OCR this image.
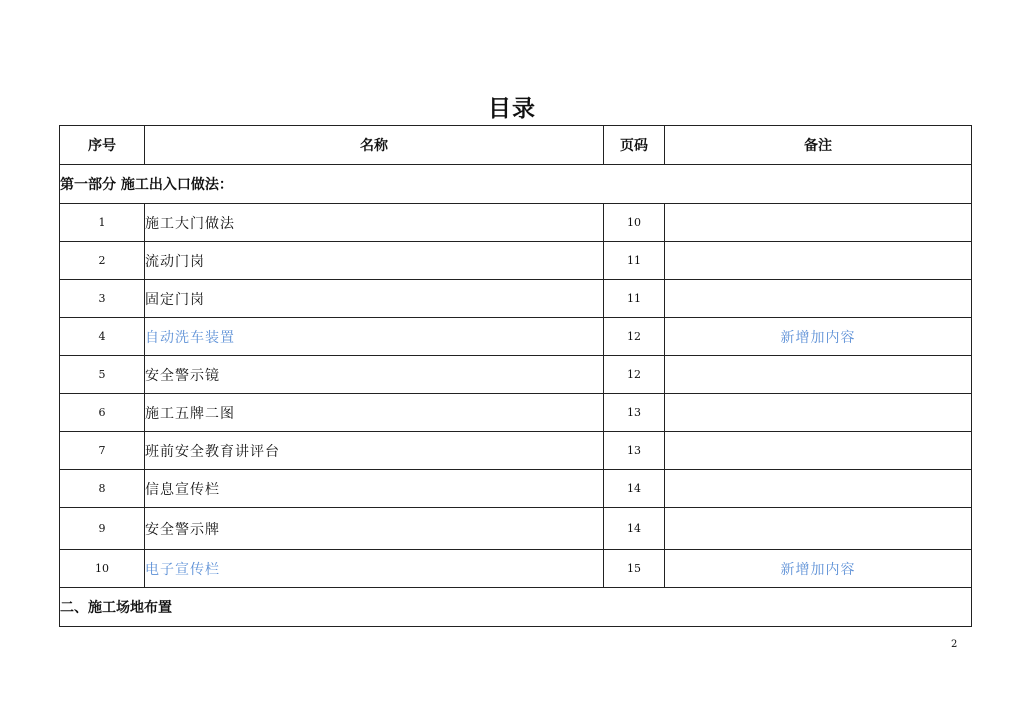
目录
序号	名称	页码	备注
第一部分 施工出入口做法：			
1	施工大门做法	10	
2	流动门岗	11	
3	固定门岗	11	
4	自动洗车装置	12	新增加内容
5	安全警示镜	12	
6	施工五牌二图	13	
7	班前安全教育讲评台	13	
8	信息宣传栏	14	
9	安全警示牌	14	
10	电子宣传栏	15	新增加内容
二、施工场地布置			
2
